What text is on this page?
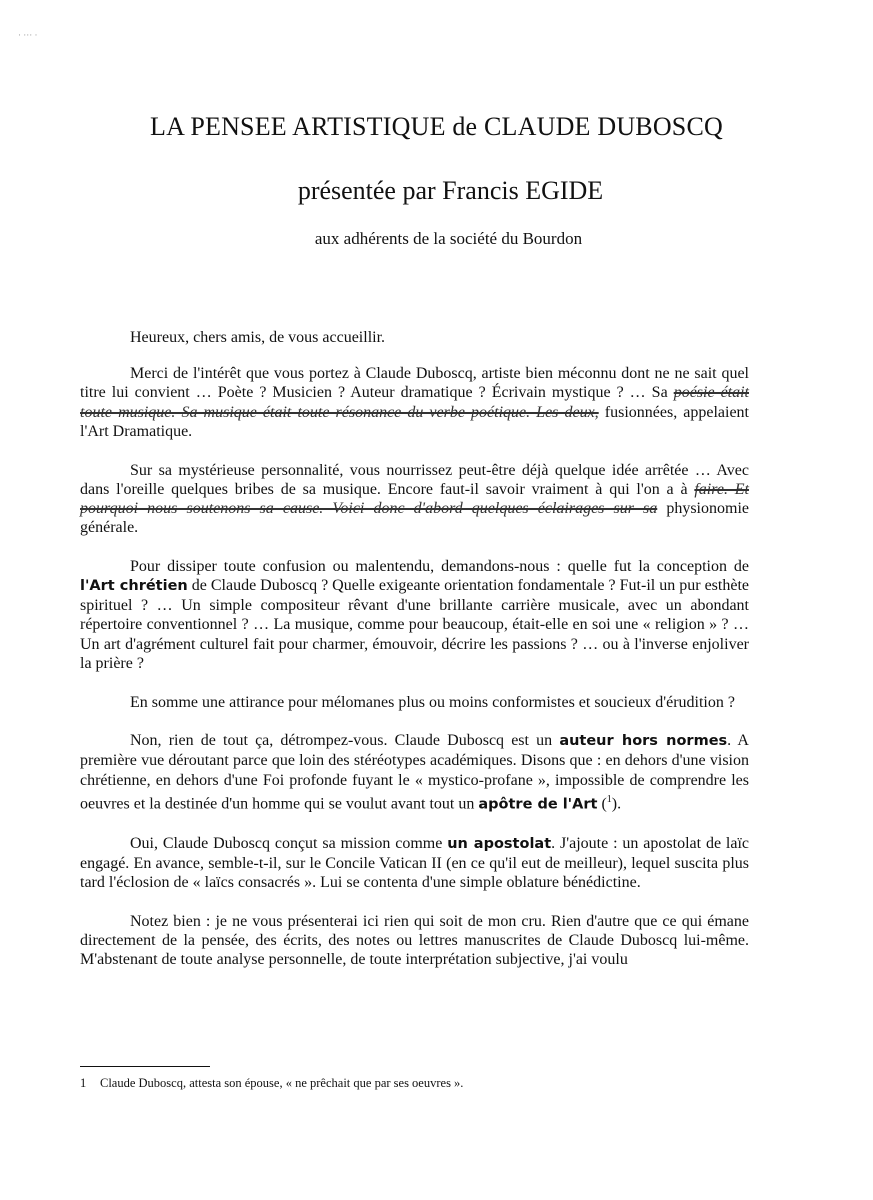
· ··· ·
LA PENSEE ARTISTIQUE de CLAUDE DUBOSCQ
présentée par Francis EGIDE
aux adhérents de la société du Bourdon

Heureux, chers amis, de vous accueillir.

Merci de l'intérêt que vous portez à Claude Duboscq, artiste bien méconnu dont ne ne sait quel titre lui convient … Poète ? Musicien ? Auteur dramatique ? Écrivain mystique ? … Sa poésie était toute musique. Sa musique était toute résonance du verbe poétique. Les deux, fusionnées, appelaient l'Art Dramatique.

Sur sa mystérieuse personnalité, vous nourrissez peut-être déjà quelque idée arrêtée … Avec dans l'oreille quelques bribes de sa musique. Encore faut-il savoir vraiment à qui l'on a à faire. Et pourquoi nous soutenons sa cause. Voici donc d'abord quelques éclairages sur sa physionomie générale.

Pour dissiper toute confusion ou malentendu, demandons-nous : quelle fut la conception de l'Art chrétien de Claude Duboscq ? Quelle exigeante orientation fondamentale ? Fut-il un pur esthète spirituel ? … Un simple compositeur rêvant d'une brillante carrière musicale, avec un abondant répertoire conventionnel ? … La musique, comme pour beaucoup, était-elle en soi une « religion » ? … Un art d'agrément culturel fait pour charmer, émouvoir, décrire les passions ? … ou à l'inverse enjoliver la prière ?

En somme une attirance pour mélomanes plus ou moins conformistes et soucieux d'érudition ?

Non, rien de tout ça, détrompez-vous. Claude Duboscq est un auteur hors normes. A première vue déroutant parce que loin des stéréotypes académiques. Disons que : en dehors d'une vision chrétienne, en dehors d'une Foi profonde fuyant le « mystico-profane », impossible de comprendre les oeuvres et la destinée d'un homme qui se voulut avant tout un apôtre de l'Art ($^1$).

Oui, Claude Duboscq conçut sa mission comme un apostolat. J'ajoute : un apostolat de laïc engagé. En avance, semble-t-il, sur le Concile Vatican II (en ce qu'il eut de meilleur), lequel suscita plus tard l'éclosion de « laïcs consacrés ». Lui se contenta d'une simple oblature bénédictine.

Notez bien : je ne vous présenterai ici rien qui soit de mon cru. Rien d'autre que ce qui émane directement de la pensée, des écrits, des notes ou lettres manuscrites de Claude Duboscq lui-même. M'abstenant de toute analyse personnelle, de toute interprétation subjective, j'ai voulu

1 Claude Duboscq, attesta son épouse, « ne prêchait que par ses oeuvres ».
